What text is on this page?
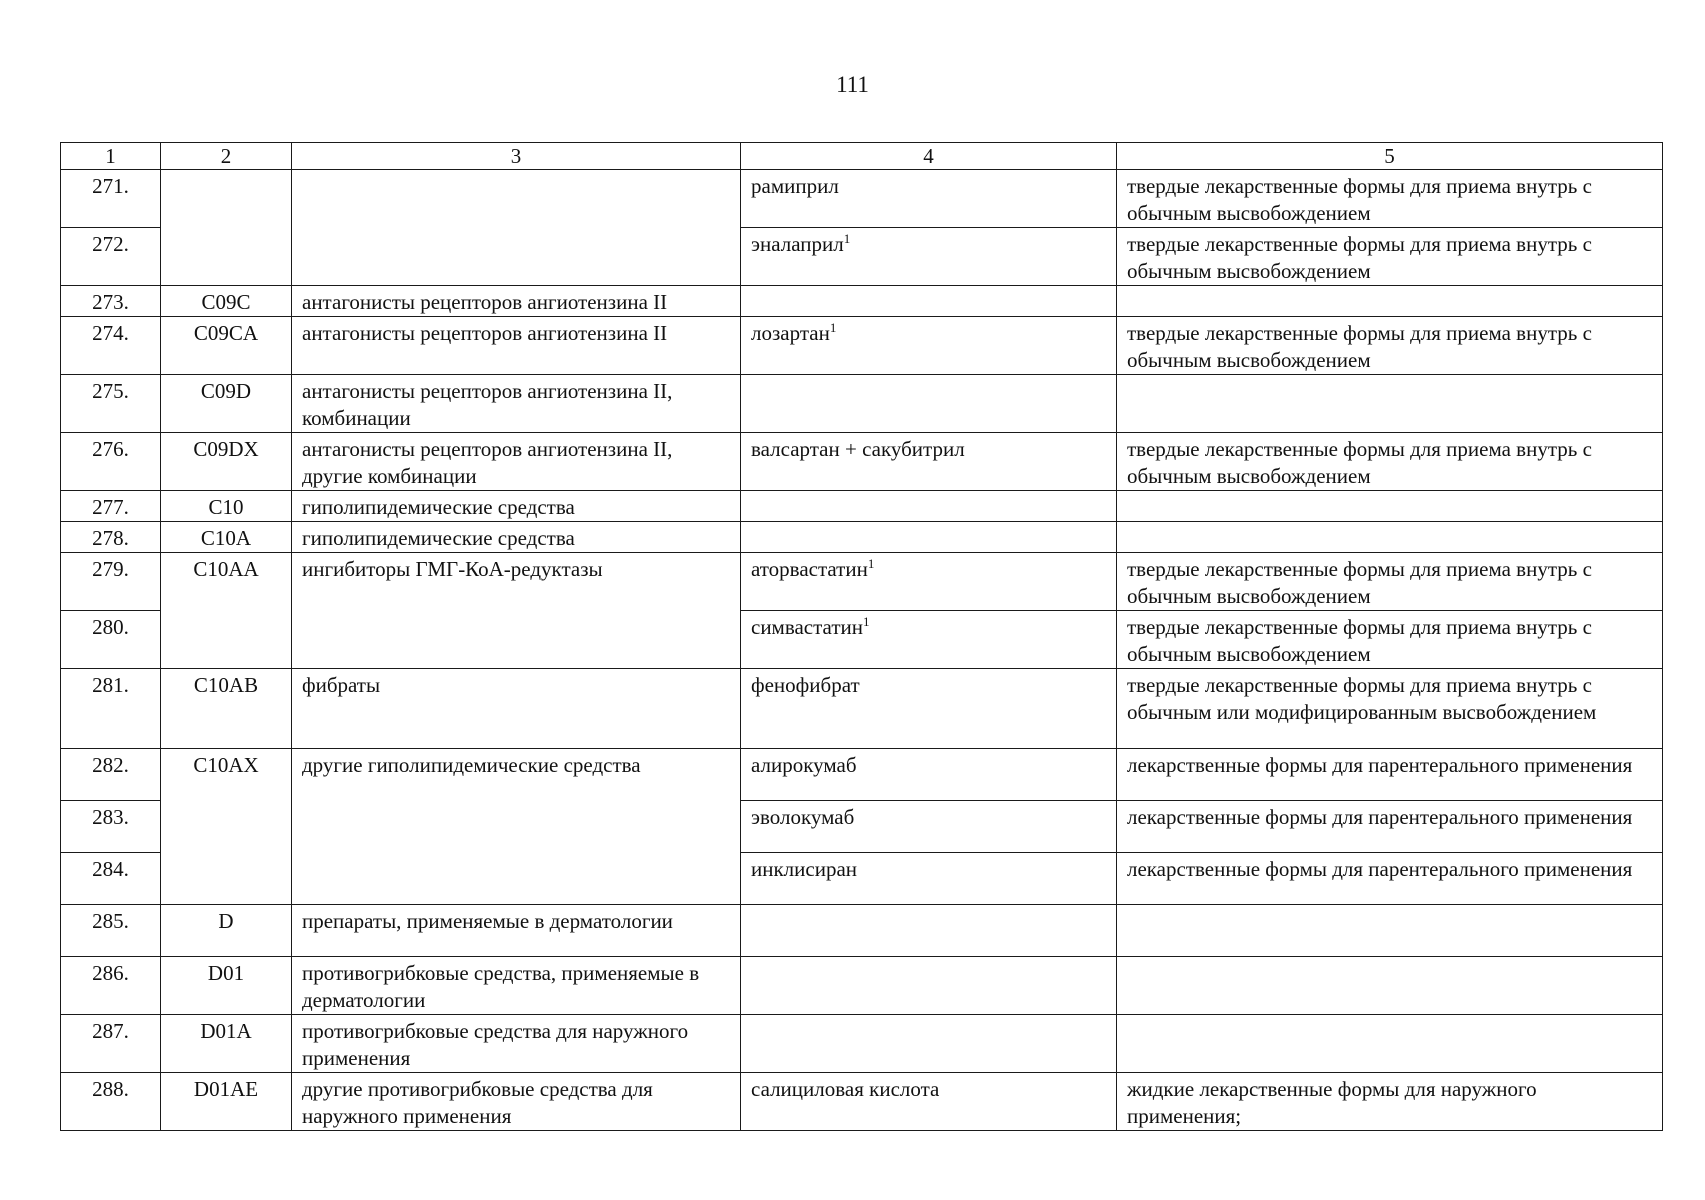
111
1	2	3	4	5
271.			рамиприл	твердые лекарственные формы для приема внутрь с обычным высвобождением
272.			эналаприл$^1$	твердые лекарственные формы для приема внутрь с обычным высвобождением
273.	C09C	антагонисты рецепторов ангиотензина II		
274.	C09CA	антагонисты рецепторов ангиотензина II	лозартан$^1$	твердые лекарственные формы для приема внутрь с обычным высвобождением
275.	C09D	антагонисты рецепторов ангиотензина II, комбинации		
276.	C09DX	антагонисты рецепторов ангиотензина II, другие комбинации	валсартан + сакубитрил	твердые лекарственные формы для приема внутрь с обычным высвобождением
277.	C10	гиполипидемические средства		
278.	C10A	гиполипидемические средства		
279.	C10AA	ингибиторы ГМГ-КоА-редуктазы	аторвастатин$^1$	твердые лекарственные формы для приема внутрь с обычным высвобождением
280.			симвастатин$^1$	твердые лекарственные формы для приема внутрь с обычным высвобождением
281.	C10AB	фибраты	фенофибрат	твердые лекарственные формы для приема внутрь с обычным или модифицированным высвобождением
282.	C10AX	другие гиполипидемические средства	алирокумаб	лекарственные формы для парентерального применения
283.			эволокумаб	лекарственные формы для парентерального применения
284.			инклисиран	лекарственные формы для парентерального применения
285.	D	препараты, применяемые в дерматологии		
286.	D01	противогрибковые средства, применяемые в дерматологии		
287.	D01A	противогрибковые средства для наружного применения		
288.	D01AE	другие противогрибковые средства для наружного применения	салициловая кислота	жидкие лекарственные формы для наружного применения;
